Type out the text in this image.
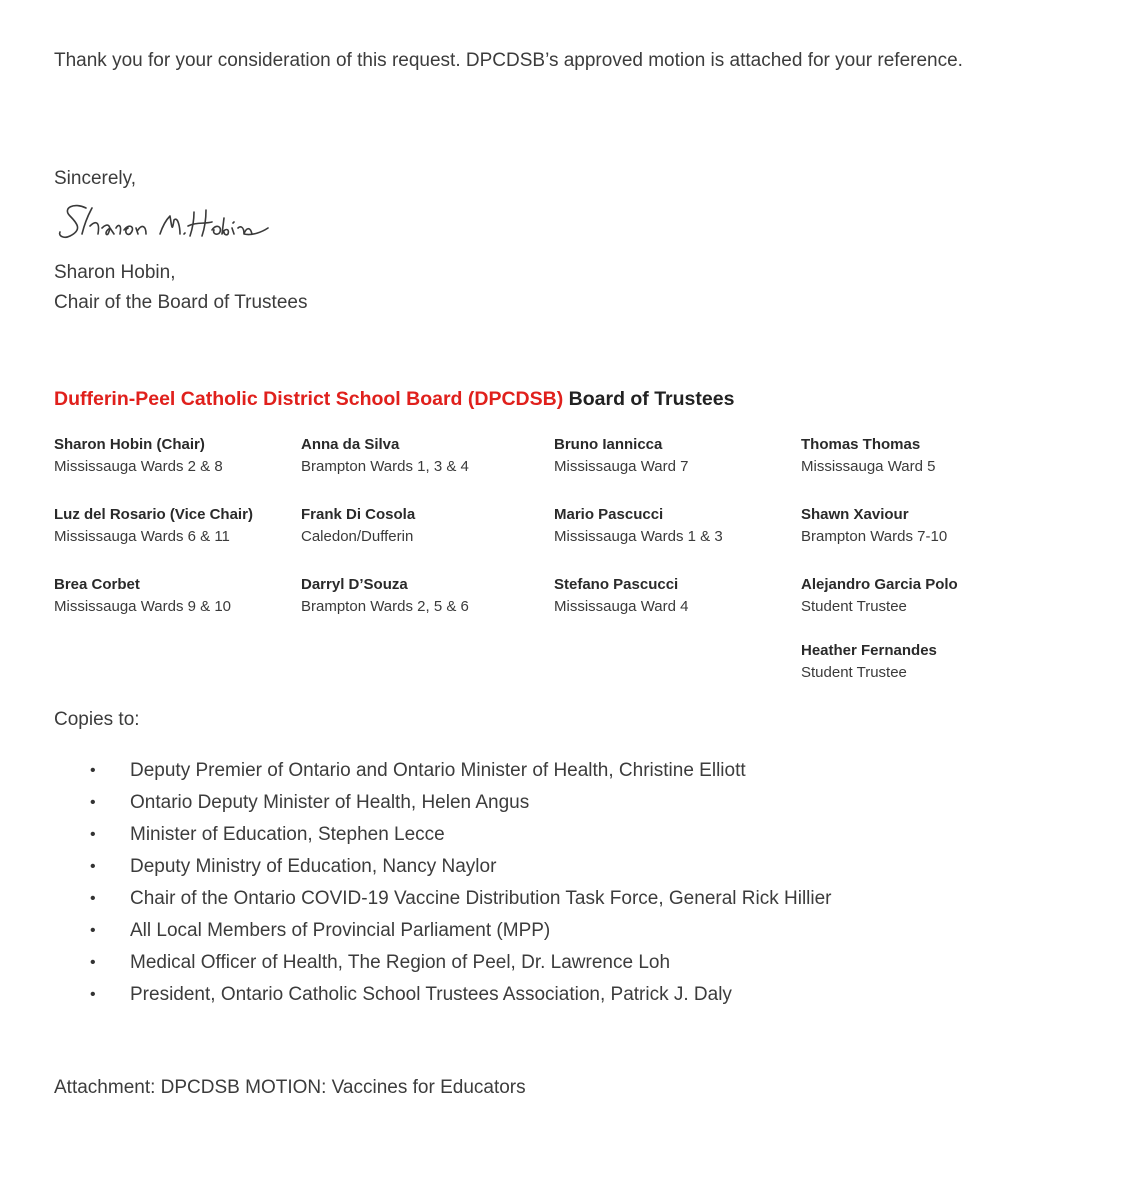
Thank you for your consideration of this request. DPCDSB’s approved motion is attached for your reference.

Sincerely,
Sharon Hobin,
Chair of the Board of Trustees
Dufferin-Peel Catholic District School Board (DPCDSB) Board of Trustees
Sharon Hobin (Chair)
Mississauga Wards 2 & 8
Anna da Silva
Brampton Wards 1, 3 & 4
Bruno Iannicca
Mississauga Ward 7
Thomas Thomas
Mississauga Ward 5
Luz del Rosario (Vice Chair)
Mississauga Wards 6 & 11
Frank Di Cosola
Caledon/Dufferin
Mario Pascucci
Mississauga Wards 1 & 3
Shawn Xaviour
Brampton Wards 7-10
Brea Corbet
Mississauga Wards 9 & 10
Darryl D’Souza
Brampton Wards 2, 5 & 6
Stefano Pascucci
Mississauga Ward 4
Alejandro Garcia Polo
Student Trustee
Heather Fernandes
Student Trustee
Copies to:
• Deputy Premier of Ontario and Ontario Minister of Health, Christine Elliott
• Ontario Deputy Minister of Health, Helen Angus
• Minister of Education, Stephen Lecce
• Deputy Ministry of Education, Nancy Naylor
• Chair of the Ontario COVID-19 Vaccine Distribution Task Force, General Rick Hillier
• All Local Members of Provincial Parliament (MPP)
• Medical Officer of Health, The Region of Peel, Dr. Lawrence Loh
• President, Ontario Catholic School Trustees Association, Patrick J. Daly
Attachment: DPCDSB MOTION: Vaccines for Educators
